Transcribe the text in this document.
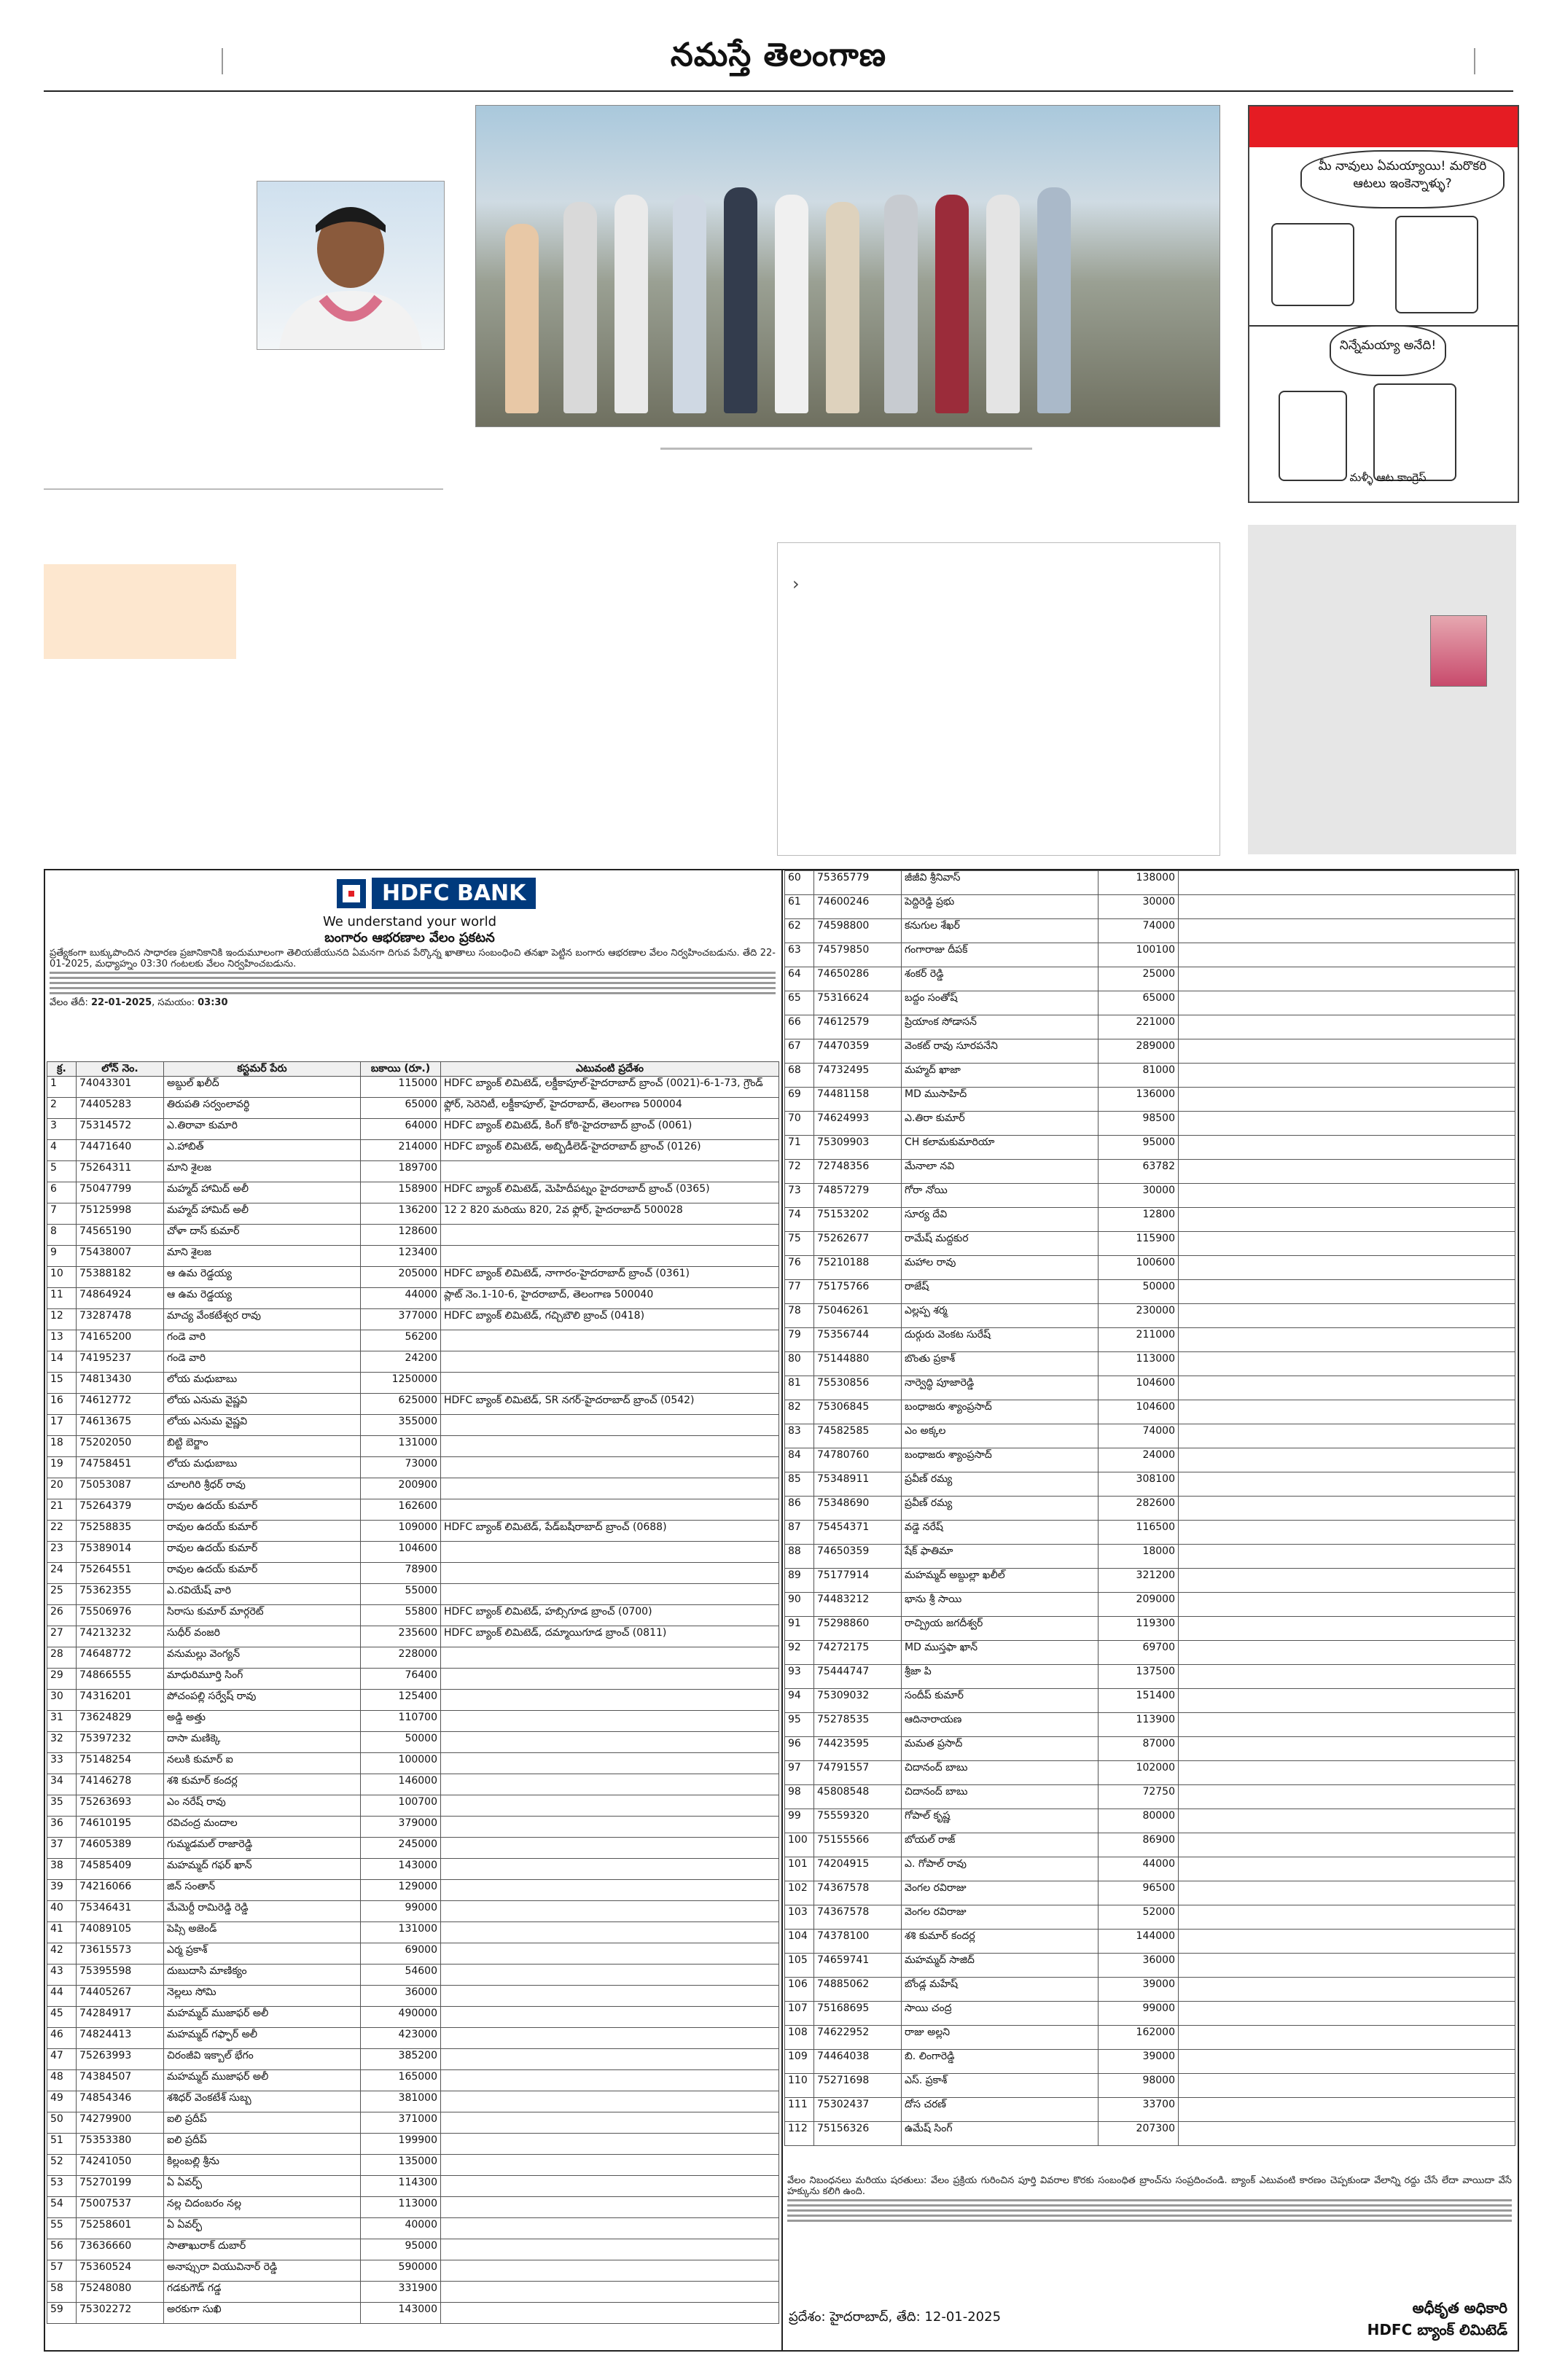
నమస్తే తెలంగాణ
›
మీ నావులు ఏమయ్యాయి! మరొకరి ఆటలు ఇంకెన్నాళ్ళు?
నిన్నేమయ్యా అనేది!
మళ్ళీ ఆట కాంగ్రెస్
HDFC BANK
We understand your world
బంగారం ఆభరణాల వేలం ప్రకటన
ప్రత్యేకంగా బుక్కుపొందిన సాధారణ ప్రజానికానికి ఇందుమూలంగా తెలియజేయునది ఏమనగా దిగువ పేర్కొన్న ఖాతాలు సంబంధించి తనఖా పెట్టిన బంగారు ఆభరణాల వేలం నిర్వహించబడును. తేది 22-01-2025, మధ్యాహ్నం 03:30 గంటలకు వేలం నిర్వహించబడును.
వేలం తేదీ: 22-01-2025, సమయం: 03:30
క్ర.	లోన్ నెం.	కస్టమర్ పేరు	బకాయి (రూ.)	ఎటువంటి ప్రదేశం
1	74043301	అబ్దుల్ ఖలీద్	115000	HDFC బ్యాంక్ లిమిటెడ్, లక్డీకాపూల్-హైదరాబాద్ బ్రాంచ్ (0021)-6-1-73, గ్రౌండ్
2	74405283	తిరుపతి సర్వంలావర్థి	65000	ఫ్లోర్, సెరెనిటీ, లక్డీకాపూల్, హైదరాబాద్, తెలంగాణ 500004
3	75314572	ఎ.తిరావా కుమారి	64000	HDFC బ్యాంక్ లిమిటెడ్, కింగ్ కోఠి-హైదరాబాద్ బ్రాంచ్ (0061)
4	74471640	ఎ.హాబిత్	214000	HDFC బ్యాంక్ లిమిటెడ్, అబ్బిడీలెడ్-హైదరాబాద్ బ్రాంచ్ (0126)
5	75264311	మాని శైలజ	189700	
6	75047799	మహ్మద్ హామిద్ అలీ	158900	HDFC బ్యాంక్ లిమిటెడ్, మెహిదీపట్నం హైదరాబాద్ బ్రాంచ్ (0365)
7	75125998	మహ్మద్ హామిద్ అలీ	136200	12 2 820 మరియు 820, 2వ ఫ్లోర్, హైదరాబాద్ 500028
8	74565190	చోళా దాస్ కుమార్	128600	
9	75438007	మాని శైలజ	123400	
10	75388182	ఆ ఉమ రెడ్డయ్య	205000	HDFC బ్యాంక్ లిమిటెడ్, నాగారం-హైదరాబాద్ బ్రాంచ్ (0361)
11	74864924	ఆ ఉమ రెడ్డయ్య	44000	ప్లాట్ నెం.1-10-6, హైదరాబాద్, తెలంగాణ 500040
12	73287478	మాచ్య వేంకటేశ్వర రావు	377000	HDFC బ్యాంక్ లిమిటెడ్, గచ్చిబౌలి బ్రాంచ్ (0418)
13	74165200	గండె వారి	56200	
14	74195237	గండె వారి	24200	
15	74813430	లోయ మధుబాబు	1250000	
16	74612772	లోయ ఎనుమ వైష్ణవి	625000	HDFC బ్యాంక్ లిమిటెడ్, SR నగర్-హైదరాబాద్ బ్రాంచ్ (0542)
17	74613675	లోయ ఎనుమ వైష్ణవి	355000	
18	75202050	బిట్టి బెర్జాం	131000	
19	74758451	లోయ మధుబాబు	73000	
20	75053087	చూలగిరి శ్రీధర్ రావు	200900	
21	75264379	రావుల ఉదయ్ కుమార్	162600	
22	75258835	రావుల ఉదయ్ కుమార్	109000	HDFC బ్యాంక్ లిమిటెడ్, పేడ్‌బషీరాబాద్ బ్రాంచ్ (0688)
23	75389014	రావుల ఉదయ్ కుమార్	104600	
24	75264551	రావుల ఉదయ్ కుమార్	78900	
25	75362355	ఎ.రవియేష్ వారి	55000	
26	75506976	సిరాసు కుమార్ మార్గరెట్	55800	HDFC బ్యాంక్ లిమిటెడ్, హబ్సిగూడ బ్రాంచ్ (0700)
27	74213232	సుధీర్ వంజరి	235600	HDFC బ్యాంక్ లిమిటెడ్, దమ్మాయిగూడ బ్రాంచ్ (0811)
28	74648772	వనుమల్లు వెంగ్యన్	228000	
29	74866555	మాధురిమూర్తి సింగ్	76400	
30	74316201	పోచంపల్లి సర్వేష్ రావు	125400	
31	73624829	అడ్డి అత్తు	110700	
32	75397232	దాసా మణిక్కె	50000	
33	75148254	నలుకి కుమార్ ఐ	100000	
34	74146278	శశి కుమార్ కందర్ల	146000	
35	75263693	ఎం నరేష్ రావు	100700	
36	74610195	రవిచంద్ర మందాల	379000	
37	74605389	గుమ్మడమల్ రాజారెడ్డి	245000	
38	74585409	మహమ్మద్ గఫర్ ఖాన్	143000	
39	74216066	జిన్ సంతాన్	129000	
40	75346431	మేమెర్దీ రామిరెడ్డి రెడ్డి	99000	
41	74089105	పెప్సి అజెండ్	131000	
42	73615573	ఎర్మ ప్రకాశ్	69000	
43	75395598	దుబుదాసి మాణిక్యం	54600	
44	74405267	నెల్లలు సోమి	36000	
45	74284917	మహమ్మద్ ముజాఫర్ అలీ	490000	
46	74824413	మహమ్మద్ గఫ్ఫార్ అలీ	423000	
47	75263993	చిరంజీవి ఇక్బాల్ భేగం	385200	
48	74384507	మహమ్మద్ ముజాఫర్ అలీ	165000	
49	74854346	శశిధర్ వెంకటేశ్ సుబ్బ	381000	
50	74279900	ఐలి ప్రదీప్	371000	
51	75353380	ఐలి ప్రదీప్	199900	
52	74241050	కిల్లంబల్లి శ్రీను	135000	
53	75270199	ఏ ఏవర్ఫ్	114300	
54	75007537	నల్ల చిదంబరం నల్ల	113000	
55	75258601	ఏ ఏవర్ఫ్	40000	
56	73636660	సాతాఖురాక్ దుబార్	95000	
57	75360524	అనాప్సురా వియువినార్ రెడ్డి	590000	
58	75248080	గడకుగౌడ్ గడ్డ	331900	
59	75302272	అరకుగా సుఖి	143000	
60	75365779	జీజీవి శ్రీనివాస్	138000	
61	74600246	పెద్దిరెడ్డి ప్రభు	30000	
62	74598800	కనుగుల శేఖర్	74000	
63	74579850	గంగారాజు దీపక్	100100	
64	74650286	శంకర్ రెడ్డి	25000	
65	75316624	బద్దం సంతోష్	65000	
66	74612579	ప్రియాంక సోడాసన్	221000	
67	74470359	వెంకట్ రావు సూరపనేని	289000	
68	74732495	మహ్మద్ ఖాజా	81000	
69	74481158	MD ముసాహిద్	136000	
70	74624993	ఎ.తిరా కుమార్	98500	
71	75309903	CH కలామకుమారియా	95000	
72	72748356	మేనాలా నవి	63782	
73	74857279	గోరా నోయి	30000	
74	75153202	సూర్య దేవి	12800	
75	75262677	రామేష్ మద్దకుర	115900	
76	75210188	మహాల రావు	100600	
77	75175766	రాజేష్	50000	
78	75046261	ఎల్లప్ప శర్మ	230000	
79	75356744	దుర్గురు వెంకట సురేష్	211000	
80	75144880	బొంతు ప్రకాశ్	113000	
81	75530856	నార్వెద్ధి పూజారెడ్డి	104600	
82	75306845	బంధాజరు శ్యాంప్రసాద్	104600	
83	74582585	ఎం అక్కల	74000	
84	74780760	బంధాజరు శ్యాంప్రసాద్	24000	
85	75348911	ప్రవీణ్ రమ్య	308100	
86	75348690	ప్రవీణ్ రమ్య	282600	
87	75454371	వడ్డె నరేష్	116500	
88	74650359	షేక్ ఫాతిమా	18000	
89	75177914	మహమ్మద్ అబ్దుల్లా ఖలీల్	321200	
90	74483212	భాను శ్రీ సాయి	209000	
91	75298860	రాచ్ప్రియ జగదీశ్వర్	119300	
92	74272175	MD ముస్తఫా ఖాన్	69700	
93	75444747	శ్రీజా పి	137500	
94	75309032	సందీప్ కుమార్	151400	
95	75278535	ఆదినారాయణ	113900	
96	74423595	మమత ప్రసాద్	87000	
97	74791557	చిదానంద్ బాబు	102000	
98	45808548	చిదానంద్ బాబు	72750	
99	75559320	గోపాల్ కృష్ణ	80000	
100	75155566	బోయల్ రాజ్	86900	
101	74204915	ఎ. గోపాల్ రావు	44000	
102	74367578	వెంగల రవిరాజు	96500	
103	74367578	వెంగల రవిరాజు	52000	
104	74378100	శశి కుమార్ కందర్ల	144000	
105	74659741	మహమ్మద్ సాజిద్	36000	
106	74885062	బోండ్ల మహేష్	39000	
107	75168695	సాయి చంద్ర	99000	
108	74622952	రాజు అల్లని	162000	
109	74464038	బి. లింగారెడ్డి	39000	
110	75271698	ఎస్. ప్రకాశ్	98000	
111	75302437	దోస చరణ్	33700	
112	75156326	ఉమేష్ సింగ్	207300	
వేలం నిబంధనలు మరియు షరతులు: వేలం ప్రక్రియ గురించిన పూర్తి వివరాల కొరకు సంబంధిత బ్రాంచ్‌ను సంప్రదించండి. బ్యాంక్ ఎటువంటి కారణం చెప్పకుండా వేలాన్ని రద్దు చేసే లేదా వాయిదా వేసే హక్కును కలిగి ఉంది.
ప్రదేశం: హైదరాబాద్, తేది: 12-01-2025
అధీకృత అధికారి
HDFC బ్యాంక్ లిమిటెడ్
